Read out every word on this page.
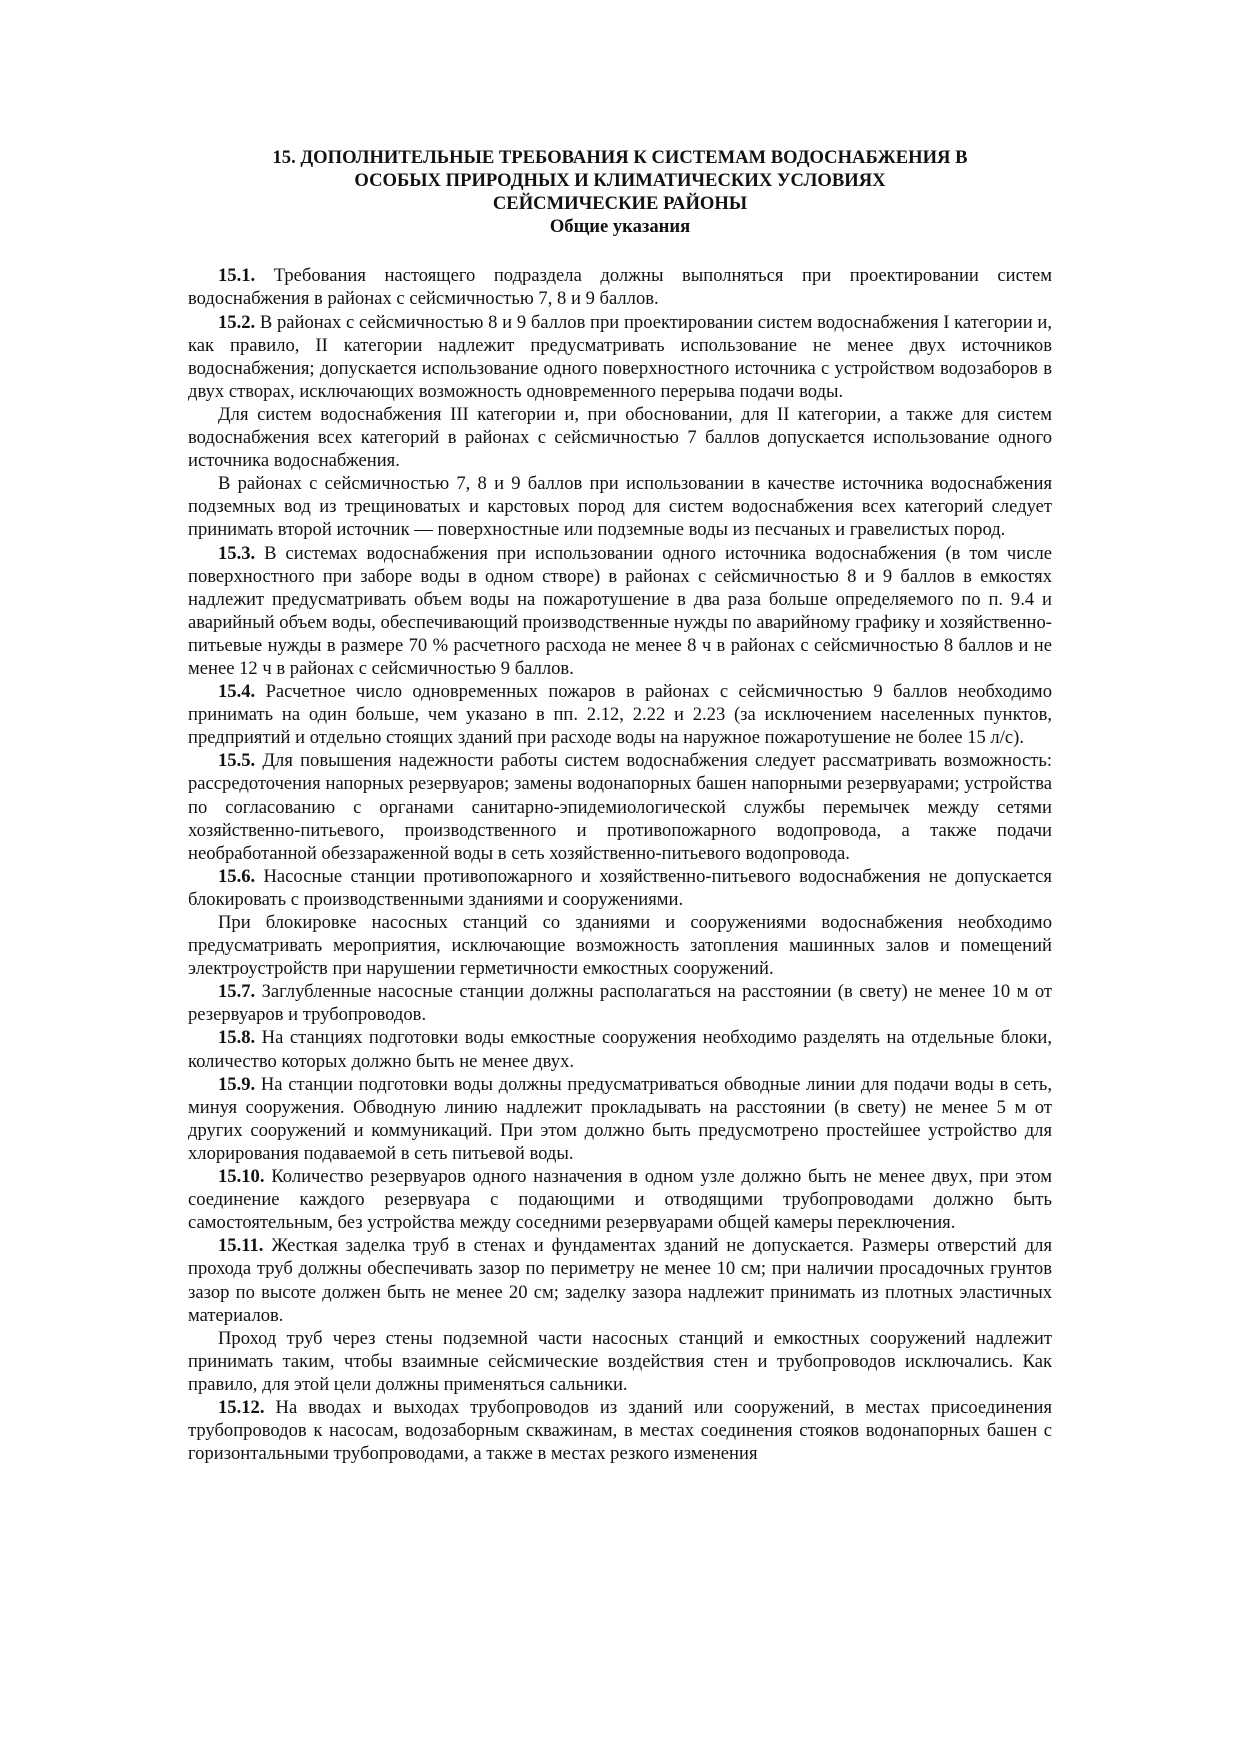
15. ДОПОЛНИТЕЛЬНЫЕ ТРЕБОВАНИЯ К СИСТЕМАМ ВОДОСНАБЖЕНИЯ В

ОСОБЫХ ПРИРОДНЫХ И КЛИМАТИЧЕСКИХ УСЛОВИЯХ

СЕЙСМИЧЕСКИЕ РАЙОНЫ

Общие указания

15.1. Требования настоящего подраздела должны выполняться при проектировании систем водоснабжения в районах с сейсмичностью 7, 8 и 9 баллов.

15.2. В районах с сейсмичностью 8 и 9 баллов при проектировании систем водоснабжения I категории и, как правило, II категории надлежит предусматривать использование не менее двух источников водоснабжения; допускается использование одного поверхностного источника с устройством водозаборов в двух створах, исключающих возможность одновременного перерыва подачи воды.

Для систем водоснабжения III категории и, при обосновании, для II категории, а также для систем водоснабжения всех категорий в районах с сейсмичностью 7 баллов допускается использование одного источника водоснабжения.

В районах с сейсмичностью 7, 8 и 9 баллов при использовании в качестве источника водоснабжения подземных вод из трещиноватых и карстовых пород для систем водоснабжения всех категорий следует принимать второй источник — поверхностные или подземные воды из песчаных и гравелистых пород.

15.3. В системах водоснабжения при использовании одного источника водоснабжения (в том числе поверхностного при заборе воды в одном створе) в районах с сейсмичностью 8 и 9 баллов в емкостях надлежит предусматривать объем воды на пожаротушение в два раза больше определяемого по п. 9.4 и аварийный объем воды, обеспечивающий производственные нужды по аварийному графику и хозяйственно-питьевые нужды в размере 70 % расчетного расхода не менее 8 ч в районах с сейсмичностью 8 баллов и не менее 12 ч в районах с сейсмичностью 9 баллов.

15.4. Расчетное число одновременных пожаров в районах с сейсмичностью 9 баллов необходимо принимать на один больше, чем указано в пп. 2.12, 2.22 и 2.23 (за исключением населенных пунктов, предприятий и отдельно стоящих зданий при расходе воды на наружное пожаротушение не более 15 л/с).

15.5. Для повышения надежности работы систем водоснабжения следует рассматривать возможность: рассредоточения напорных резервуаров; замены водонапорных башен напорными резервуарами; устройства по согласованию с органами санитарно-эпидемиологической службы перемычек между сетями хозяйственно-питьевого, производственного и противопожарного водопровода, а также подачи необработанной обеззараженной воды в сеть хозяйственно-питьевого водопровода.

15.6. Насосные станции противопожарного и хозяйственно-питьевого водоснабжения не допускается блокировать с производственными зданиями и сооружениями.

При блокировке насосных станций со зданиями и сооружениями водоснабжения необходимо предусматривать мероприятия, исключающие возможность затопления машинных залов и помещений электроустройств при нарушении герметичности емкостных сооружений.

15.7. Заглубленные насосные станции должны располагаться на расстоянии (в свету) не менее 10 м от резервуаров и трубопроводов.

15.8. На станциях подготовки воды емкостные сооружения необходимо разделять на отдельные блоки, количество которых должно быть не менее двух.

15.9. На станции подготовки воды должны предусматриваться обводные линии для подачи воды в сеть, минуя сооружения. Обводную линию надлежит прокладывать на расстоянии (в свету) не менее 5 м от других сооружений и коммуникаций. При этом должно быть предусмотрено простейшее устройство для хлорирования подаваемой в сеть питьевой воды.

15.10. Количество резервуаров одного назначения в одном узле должно быть не менее двух, при этом соединение каждого резервуара с подающими и отводящими трубопроводами должно быть самостоятельным, без устройства между соседними резервуарами общей камеры переключения.

15.11. Жесткая заделка труб в стенах и фундаментах зданий не допускается. Размеры отверстий для прохода труб должны обеспечивать зазор по периметру не менее 10 см; при наличии просадочных грунтов зазор по высоте должен быть не менее 20 см; заделку зазора надлежит принимать из плотных эластичных материалов.

Проход труб через стены подземной части насосных станций и емкостных сооружений надлежит принимать таким, чтобы взаимные сейсмические воздействия стен и трубопроводов исключались. Как правило, для этой цели должны применяться сальники.

15.12. На вводах и выходах трубопроводов из зданий или сооружений, в местах присоединения трубопроводов к насосам, водозаборным скважинам, в местах соединения стояков водонапорных башен с горизонтальными трубопроводами, а также в местах резкого изменения
